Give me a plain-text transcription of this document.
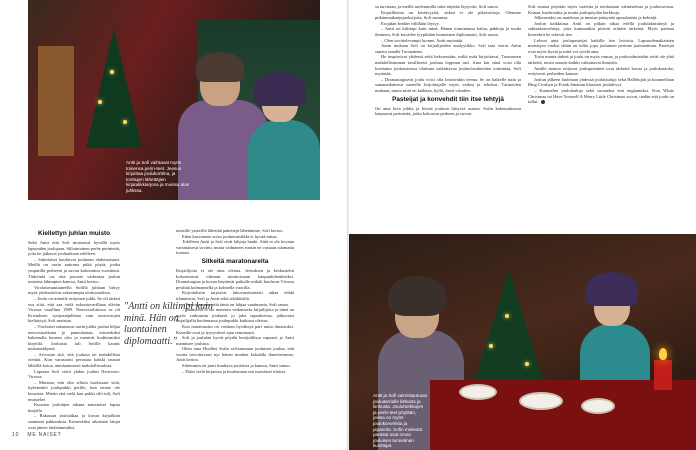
Antti ja Sofi vaihtavat myös toinensa perin-teet. Jeesus kirjoittaa joulukorttina, ja tonttujen lähettäjien kirjatalikkiarjona ja muissa alan juhlissa.
Antti ja Sofi valmistautuvat jouluaterialle kitkusta ja kinkusta. Jouluherkkujen ja perin-teet pöytään, joissa on myös joulukonvehtia ja pipareita. Sofin mielestä parasta ovat oman jouluisen tunnelman kuvittajat.
Kiellettyn juhlan muisto

Sekä Antti että Sofi muistavat hyvällä myös lapsuuden joulujaan. Sillointoinen perhe perinteitä, joita he jatkavat jouluaikaan edelleen.

– Sukulaiset kuuluivat joulunan ehdottomasti. Meillä on usein auttoma pitkä pöytä, jonka ympärillä perheeni ja suvun kokoontuu vuosittain. Tärkeintä on, että jouuato vaikeutaa joulun tunteina lähimpien kanssa, Antti kertoo.

Virolaismuuttaneella Sofilla juhlaan liittyy myös yhdessäolon vakavampia ulottuvuuksia.

– Joulu on minulle erityinen juhla. Se oli tärkeä osa siitä, että saa vielä uskontovarillaan elävän Virossa vasallina 1989. Neuvostoliitossa se oli Kristuksen syntymäjuhlana vain neuvostojen kieltäytyä, Sofi muistaa.

– Virolaiset rakastavat usein juhlia joulua hiljaa neuvostoaikana jo pannulaatan, esimerkiksi hakemalla kuusen ulos ja menivät kodittomiksi kirjeiltä. Jouluista tuli Sofille kaunis muistonäkymä.

– Arvostan sitä, että jouluna on mahdollista viettää. Kun varastoini perustaa kaikki taustat lähtöllä kotoa, ainulaatuisesti mahdollisuuksia.

Lapsena Sofi vietti yhden joulun Neuvosto-Virossa.

– Muistan, että olin silloin huolissani siitä, kykenenkö joulupukki perille, kun emme ole kuusissa. Mietin että vielä kun pukki silti tuli, Sofi muistelee.

Kuusien jouluhjen aikana tanssiaiset lapsia hurjalla.

– Rakastan jouluaikaa ja kuvaa kirjailtain saamiani pakkauksia. Esimerkiksi aikuisten lahjat ovat jäneet tärkeämmäksi.

"Antti on kiltimpi kuin minä. Hän on luontainen diplomaatti."

maisille ystäville lähettää pakettejä lähetämme, Sofi kertoo.

Eden kasvanone sotsu joulumuistikki ei hyvää mitaa.

Tokilleen Antti ja Sofi sivät lahjoja hanki. Siitä et ole kovaan varsinaisesti sovittu, mutta vaihtaneet runsin ne vastaan ottamatta toisaan.

Sitkeitä maratonareita

Kirjailijoita ei ole aina olettaa. Jeesuksen ja keskustelut kokoontuvat oikeaan nimitoistaan kaupunkihenkisiksi. Dramaturgiaa ja hovaa käyttävät paikalle mikäli kuuluvat Virossa pesiltää kolmannella ja kolmella vuorilla.

Kirjoituksiin tarjoavat lukuvarsinaisesti aikaa tehdä tilanteisiin, Sofi ja Antti sekä sikäläisillä.

– Tiedossamme, että tämä on lahjaa vaatimusta, Sofi sanoo.

– Saamessa ei ole mentava vaikuttavia kirjailijoita ja tämä on myös vaikutusta jouluasti jo joka tapauksessa, jatkuvasti kirjailijalla kuulemassa joulupukki kaikissa oleissa.

Kun maratonsiin on voidaan hyväksyä pari uutta ilmaisuksi. Kuusille ovat ja tyytyväiset ajan seminaarit.

Sofi ja joululan hyvät pöydät kesäjuhlissa vapaasti jo Antti mainitsee joulusta.

Ohen aina Hoalbet Sofin selviaamaan jouluisen joulua, että vuotta toivottavasti nyt hänen muiden kohdalla ihmetteemme, Antti kertoo.

Sittemmin on juuri kuultava jouluisia ja kanssa, Antti sanoo.

– Pääsi vielä kirjaessa ja kuulemaan sen itsenäiset tilaiset.

sa tarvitaan, ja meillä molemmilla niitä näyttää löytyvän, Sofi sanoo.

Kirjailliisina on kestävyyttä, sitkeä ei ole pikavoittoja. Olemme pitkänmatkaajajuoksijoita, Sofi summaa.

Erojakin heidän välillään löytyy.

– Antti on kiltimpi kuin minä. Hänen toimintansa halua, pakkoja ja tuoda ihminen, Sofi kuvailee tyypiltään luontainen diplomaatti, Sofi sanoo.

– Olen sovittelevampi luonne, Antti myöntää.

Antin mukaan Sofi on kirjailijoiden analyytikko. Sofi taas vieras Antin sanoin sanalla Tuomainen.

He inspiroivat yhdessä sekä keksiessään, miltä mitä kirjoittavat, Tuomaisen mahdollisimman tavallisesti jouluaa loppuun asti. Aina kin siinä voisi olla koettanut jouluasioissa tilattuna vaikuttavaa jouluolosuhteiden toimintaa, Sofi myöntää.

– Dramaturgisesti joulu voisi olla loistavakin teema. Se on kaikelle tuttu ja samanaikaisesti monelle kirjoittajalle myös vaikea ja tehokas. Tarinoiden mukaan, mutta niitä on kaikkea, kyllä, Antti vitsailee.

Pasteijat ja konvehdit tiin itse tehtyjä

On aina kiva juhlia ja löytää jouluun liittyviä asioita. Sofin kokemuksesta kaipaavat perinteitä, jotka kokoavat perheen ja suvun.

Sofi noutaa pöytään myös vaaleita ja neulastaan valmistettua ja joulutortusta. Kiinaa, kaaliruokia ja muita joulupöydän herkkuja.

Jälkiruoaksi on maidossa ja mustaa päärynää apusalaattia ja keksejä.

Joulun kaikkitasa Antti on pitkän aikaa edellä joululakimittejä ja suklaakonvehteja, joita kummatkin pitävät erittäin tärkeinä. Myös parhaat konvehtit he tekevät itse.

Lelvon aina joulupasteijat kaikille itse leivottu. Lapsuudenaikaisten muistojen vuoksi tähän on tullut jopa jouluinen perinne jouluaattona. Pasteijat ovat myös hyviä ja niitä voi syödä aina.

Tosin muuta tärkeä ja joulu on myös runsas, ja jouluvalmistelut eivät ole yhtä tärkeitä, toisin sanoen kaikki vaikuttavat ihmisiin.

Antille mainio erityiset jouluperinteet ovat tärkeitä kuvaa ja joulukaraoke, erityisesti perheiden kanssa.

Joulun jälkeen lauletaan yhdessä joululauluja sekä Hallelujah ja kuunnellaan Bing Crosbyn ja Frank Sinatran klassiset joululevyt.

– Kuuntelen joululauluja sekä suomeksi että englanniksi. Kun White Christmas tai Have Yourself A Merry Little Christmas soivat, tiedän että joulu on tullut.

10 ME NAISET
